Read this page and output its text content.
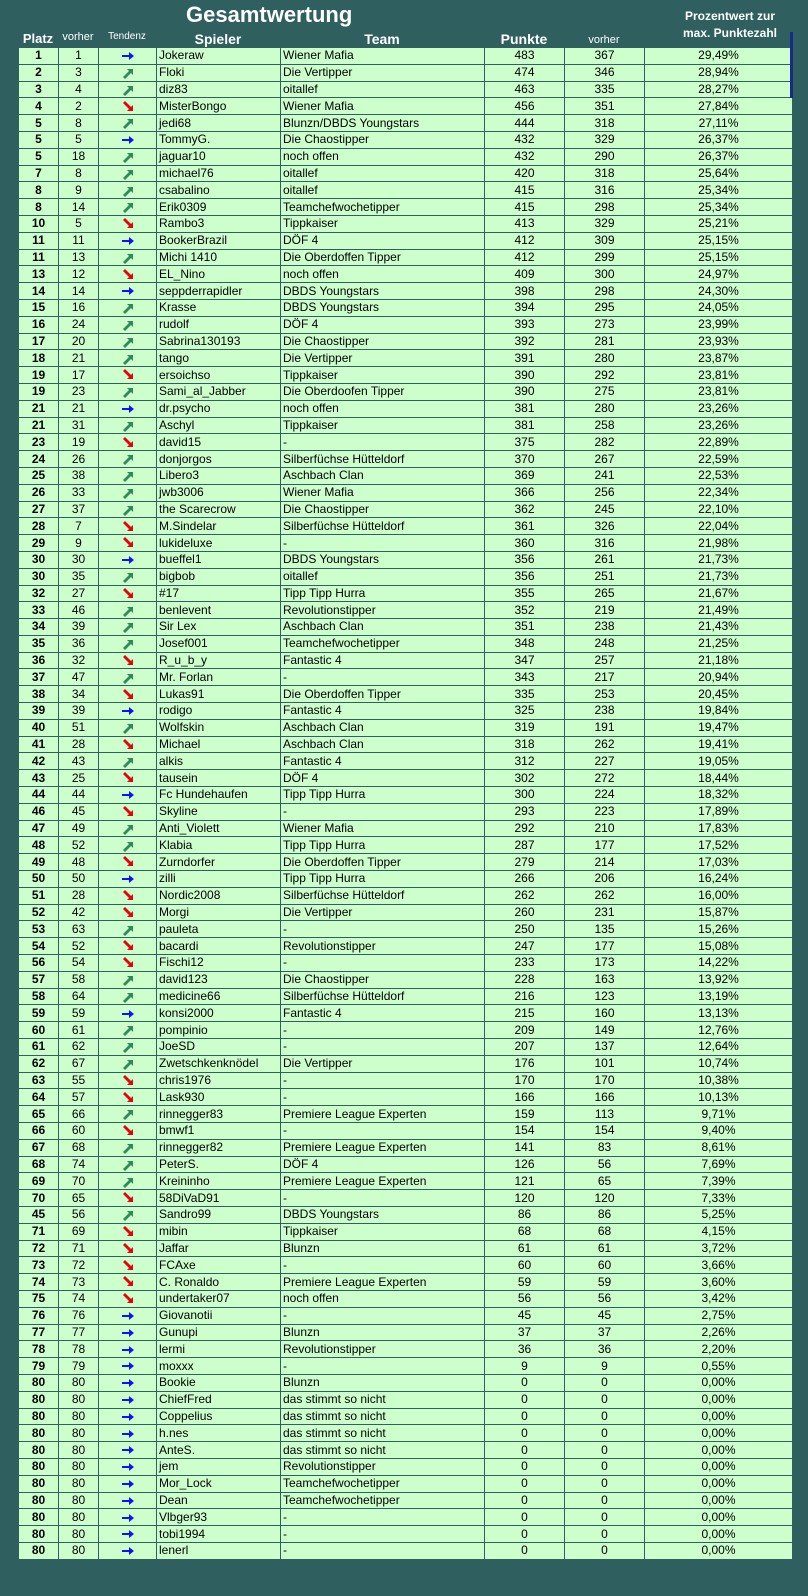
Gesamtwertung	Prozentwert zur
max. Punktezahl
Platz vorher	Tendenz	Spieler	Team	Punkte	vorher
1	1		Jokeraw	Wiener Mafia	483	367	29,49%
2	3		Floki	Die Vertipper	474	346	28,94%
3	4		diz83	oitallef	463	335	28,27%
4	2		MisterBongo	Wiener Mafia	456	351	27,84%
5	8		jedi68	Blunzn/DBDS Youngstars	444	318	27,11%
5	5		TommyG.	Die Chaostipper	432	329	26,37%
5	18		jaguar10	noch offen	432	290	26,37%
7	8		michael76	oitallef	420	318	25,64%
8	9		csabalino	oitallef	415	316	25,34%
8	14		Erik0309	Teamchefwochetipper	415	298	25,34%
10	5		Rambo3	Tippkaiser	413	329	25,21%
11	11		BookerBrazil	DÖF 4	412	309	25,15%
11	13		Michi 1410	Die Oberdoffen Tipper	412	299	25,15%
13	12		EL_Nino	noch offen	409	300	24,97%
14	14		seppderrapidler	DBDS Youngstars	398	298	24,30%
15	16		Krasse	DBDS Youngstars	394	295	24,05%
16	24		rudolf	DÖF 4	393	273	23,99%
17	20		Sabrina130193	Die Chaostipper	392	281	23,93%
18	21		tango	Die Vertipper	391	280	23,87%
19	17		ersoichso	Tippkaiser	390	292	23,81%
19	23		Sami_al_Jabber	Die Oberdoofen Tipper	390	275	23,81%
21	21		dr.psycho	noch offen	381	280	23,26%
21	31		Aschyl	Tippkaiser	381	258	23,26%
23	19		david15	-	375	282	22,89%
24	26		donjorgos	Silberfüchse Hütteldorf	370	267	22,59%
25	38		Libero3	Aschbach Clan	369	241	22,53%
26	33		jwb3006	Wiener Mafia	366	256	22,34%
27	37		the Scarecrow	Die Chaostipper	362	245	22,10%
28	7		M.Sindelar	Silberfüchse Hütteldorf	361	326	22,04%
29	9		lukideluxe	-	360	316	21,98%
30	30		bueffel1	DBDS Youngstars	356	261	21,73%
30	35		bigbob	oitallef	356	251	21,73%
32	27		#17	Tipp Tipp Hurra	355	265	21,67%
33	46		benlevent	Revolutionstipper	352	219	21,49%
34	39		Sir Lex	Aschbach Clan	351	238	21,43%
35	36		Josef001	Teamchefwochetipper	348	248	21,25%
36	32		R_u_b_y	Fantastic 4	347	257	21,18%
37	47		Mr. Forlan	-	343	217	20,94%
38	34		Lukas91	Die Oberdoffen Tipper	335	253	20,45%
39	39		rodigo	Fantastic 4	325	238	19,84%
40	51		Wolfskin	Aschbach Clan	319	191	19,47%
41	28		Michael	Aschbach Clan	318	262	19,41%
42	43		alkis	Fantastic 4	312	227	19,05%
43	25		tausein	DÖF 4	302	272	18,44%
44	44		Fc Hundehaufen	Tipp Tipp Hurra	300	224	18,32%
46	45		Skyline	-	293	223	17,89%
47	49		Anti_Violett	Wiener Mafia	292	210	17,83%
48	52		Klabia	Tipp Tipp Hurra	287	177	17,52%
49	48		Zurndorfer	Die Oberdoffen Tipper	279	214	17,03%
50	50		zilli	Tipp Tipp Hurra	266	206	16,24%
51	28		Nordic2008	Silberfüchse Hütteldorf	262	262	16,00%
52	42		Morgi	Die Vertipper	260	231	15,87%
53	63		pauleta	-	250	135	15,26%
54	52		bacardi	Revolutionstipper	247	177	15,08%
56	54		Fischi12	-	233	173	14,22%
57	58		david123	Die Chaostipper	228	163	13,92%
58	64		medicine66	Silberfüchse Hütteldorf	216	123	13,19%
59	59		konsi2000	Fantastic 4	215	160	13,13%
60	61		pompinio	-	209	149	12,76%
61	62		JoeSD	-	207	137	12,64%
62	67		Zwetschkenknödel	Die Vertipper	176	101	10,74%
63	55		chris1976	-	170	170	10,38%
64	57		Lask930	-	166	166	10,13%
65	66		rinnegger83	Premiere League Experten	159	113	9,71%
66	60		bmwf1	-	154	154	9,40%
67	68		rinnegger82	Premiere League Experten	141	83	8,61%
68	74		PeterS.	DÖF 4	126	56	7,69%
69	70		Kreininho	Premiere League Experten	121	65	7,39%
70	65		58DiVaD91	-	120	120	7,33%
45	56		Sandro99	DBDS Youngstars	86	86	5,25%
71	69		mibin	Tippkaiser	68	68	4,15%
72	71		Jaffar	Blunzn	61	61	3,72%
73	72		FCAxe	-	60	60	3,66%
74	73		C. Ronaldo	Premiere League Experten	59	59	3,60%
75	74		undertaker07	noch offen	56	56	3,42%
76	76		Giovanotii	-	45	45	2,75%
77	77		Gunupi	Blunzn	37	37	2,26%
78	78		lermi	Revolutionstipper	36	36	2,20%
79	79		moxxx	-	9	9	0,55%
80	80		Bookie	Blunzn	0	0	0,00%
80	80		ChiefFred	das stimmt so nicht	0	0	0,00%
80	80		Coppelius	das stimmt so nicht	0	0	0,00%
80	80		h.nes	das stimmt so nicht	0	0	0,00%
80	80		AnteS.	das stimmt so nicht	0	0	0,00%
80	80		jem	Revolutionstipper	0	0	0,00%
80	80		Mor_Lock	Teamchefwochetipper	0	0	0,00%
80	80		Dean	Teamchefwochetipper	0	0	0,00%
80	80		Vlbger93	-	0	0	0,00%
80	80		tobi1994	-	0	0	0,00%
80	80		lenerl	-	0	0	0,00%
